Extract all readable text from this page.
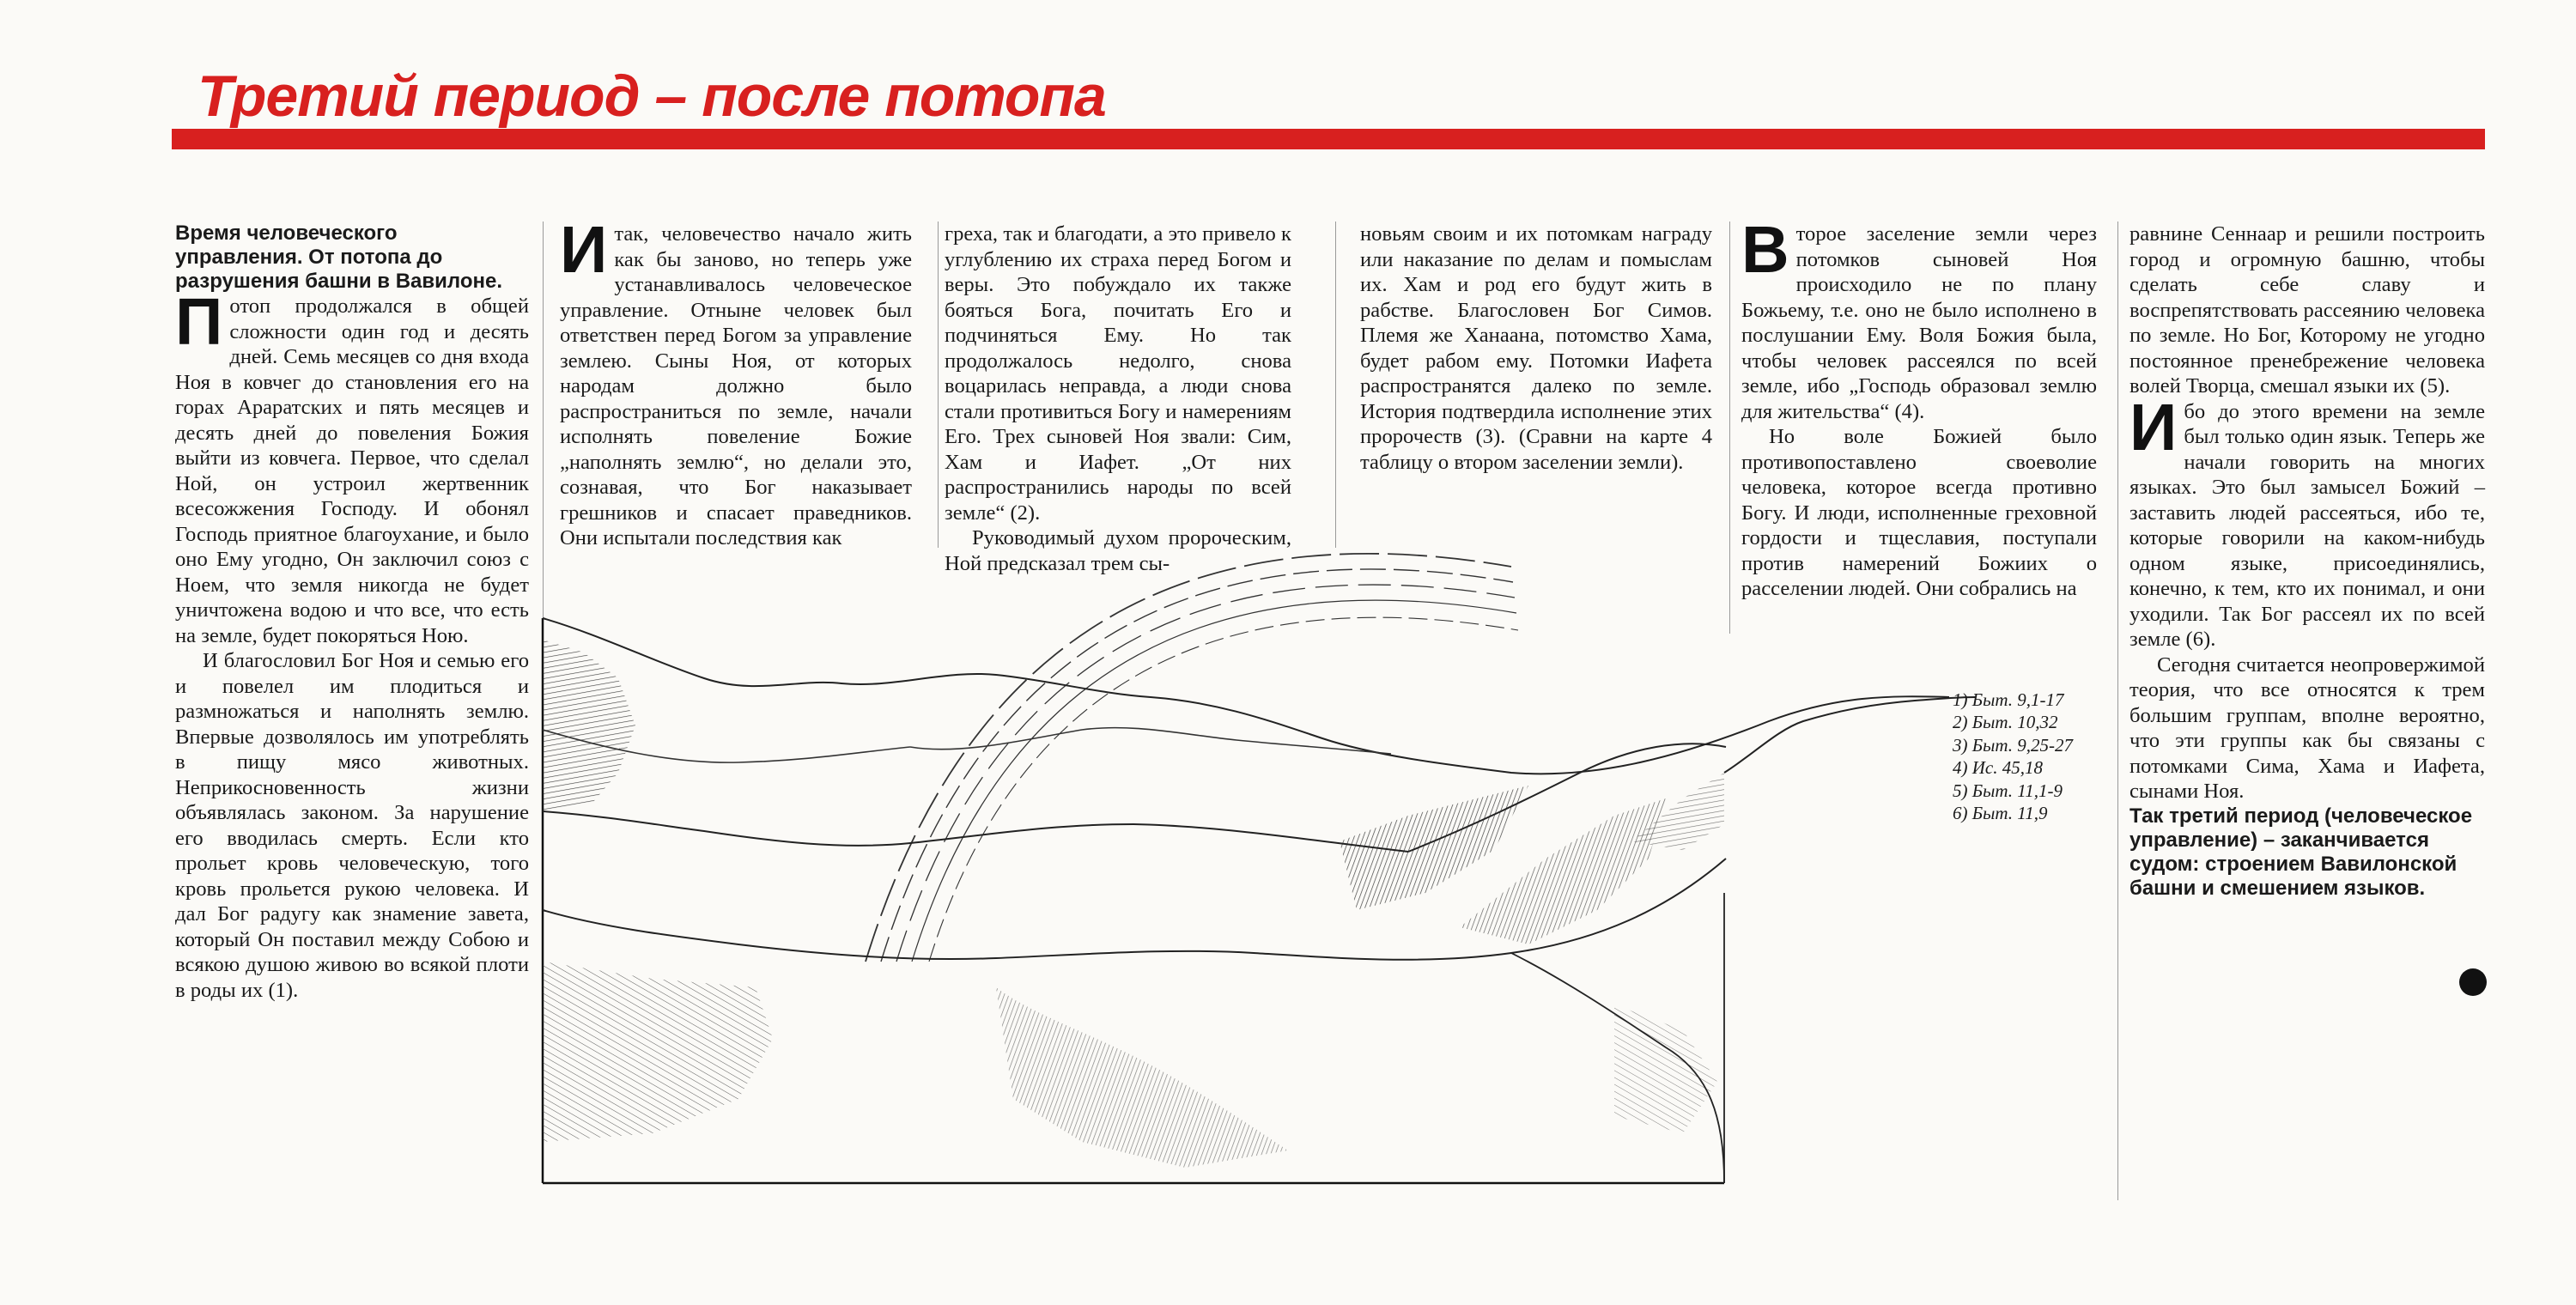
Третий период – после потопа

Время человеческого управления. От потопа до разрушения башни в Вавилоне.

Потоп продолжался в общей сложности один год и десять дней. Семь месяцев со дня входа Ноя в ковчег до становления его на горах Араратских и пять месяцев и десять дней до повеления Божия выйти из ковчега. Первое, что сделал Ной, он устроил жертвенник всесожжения Господу. И обонял Господь приятное благоухание, и было оно Ему угодно, Он заключил союз с Ноем, что земля никогда не будет уничтожена водою и что все, что есть на земле, будет покоряться Ною.

И благословил Бог Ноя и семью его и повелел им плодиться и размножаться и наполнять землю. Впервые дозволялось им употреблять в пищу мясо животных. Неприкосновенность жизни объявлялась законом. За нарушение его вводилась смерть. Если кто прольет кровь человеческую, того кровь прольется рукою человека. И дал Бог радугу как знамение завета, который Он поставил между Собою и всякою душою живою во всякой плоти в роды их (1).

Итак, человечество начало жить как бы заново, но теперь уже устанавливалось человеческое управление. Отныне человек был ответствен перед Богом за управление землею. Сыны Ноя, от которых народам должно было распространиться по земле, начали исполнять повеление Божие „наполнять землю“, но делали это, сознавая, что Бог наказывает грешников и спасает праведников. Они испытали последствия как

греха, так и благодати, а это привело к углублению их страха перед Богом и веры. Это побуждало их также бояться Бога, почитать Его и подчиняться Ему. Но так продолжалось недолго, снова воцарилась неправда, а люди снова стали противиться Богу и намерениям Его. Трех сыновей Ноя звали: Сим, Хам и Иафет. „От них распространились народы по всей земле“ (2).

Руководимый духом пророческим, Ной предсказал трем сы-

новьям своим и их потомкам награду или наказание по делам и помыслам их. Хам и род его будут жить в рабстве. Благословен Бог Симов. Племя же Ханаана, потомство Хама, будет рабом ему. Потомки Иафета распространятся далеко по земле. История подтвердила исполнение этих пророчеств (3). (Сравни на карте 4 таблицу о втором заселении земли).

Второе заселение земли через потомков сыновей Ноя происходило не по плану Божьему, т.е. оно не было исполнено в послушании Ему. Воля Божия была, чтобы человек рассеялся по всей земле, ибо „Господь образовал землю для жительства“ (4).

Но воле Божией было противопоставлено своеволие человека, которое всегда противно Богу. И люди, исполненные греховной гордости и тщеславия, поступали против намерений Божиих о расселении людей. Они собрались на

равнине Сеннаар и решили построить город и огромную башню, чтобы сделать себе славу и воспрепятствовать рассеянию человека по земле. Но Бог, Которому не угодно постоянное пренебрежение человека волей Творца, смешал языки их (5).

Ибо до этого времени на земле был только один язык. Теперь же начали говорить на многих языках. Это был замысел Божий – заставить людей рассеяться, ибо те, которые говорили на каком-нибудь одном языке, присоединялись, конечно, к тем, кто их понимал, и они уходили. Так Бог рассеял их по всей земле (6).

Сегодня считается неопровержимой теория, что все относятся к трем большим группам, вполне вероятно, что эти группы как бы связаны с потомками Сима, Хама и Иафета, сынами Ноя.

Так третий период (человеческое управление) – заканчивается судом: строением Вавилонской башни и смешением языков.

1) Быт. 9,1-17
2) Быт. 10,32
3) Быт. 9,25-27
4) Ис. 45,18
5) Быт. 11,1-9
6) Быт. 11,9
